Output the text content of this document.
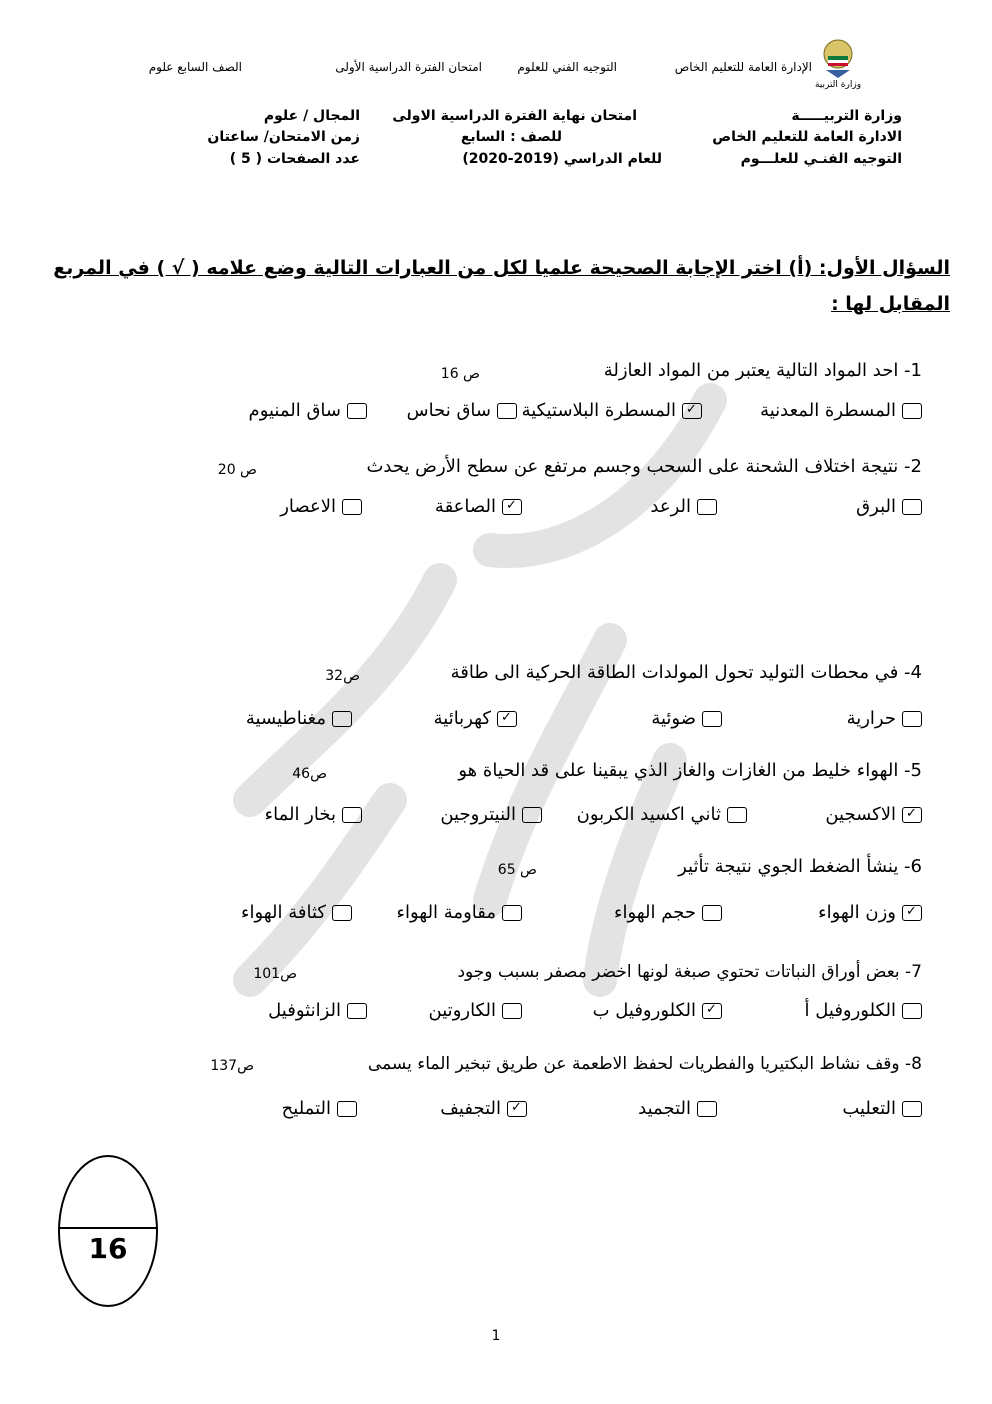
الإدارة العامة للتعليم الخاص
التوجيه الفني للعلوم
امتحان الفترة الدراسية الأولى
الصف السابع علوم
وزارة التربية
وزارة التربيـــــة
الادارة العامة للتعليم الخاص
التوجيه الفنـي للعلـــوم
امتحان نهاية الفترة الدراسية الاولى
للصف : السابع
للعام الدراسي (2019-2020)
المجال / علوم
زمن الامتحان/ ساعتان
عدد الصفحات ( 5 )
السؤال الأول: (أ) اختر الإجابة الصحيحة علميا لكل من العبارات التالية وضع علامه ( √ ) في المربع المقابل لها :
1- احد المواد التالية يعتبر من المواد العازلة
ص 16
المسطرة المعدنية
✓
المسطرة البلاستيكية
ساق نحاس
ساق المنيوم
2- نتيجة اختلاف الشحنة على السحب وجسم مرتفع عن سطح الأرض يحدث
ص 20
البرق
الرعد
✓
الصاعقة
الاعصار
4- في محطات التوليد تحول المولدات الطاقة الحركية الى طاقة
ص32
حرارية
ضوئية
✓
كهربائية
مغناطيسية
5- الهواء خليط من الغازات والغاز الذي يبقينا على قد الحياة هو
ص46
✓
الاكسجين
ثاني اكسيد الكربون
النيتروجين
بخار الماء
6- ينشأ الضغط الجوي نتيجة تأثير
ص 65
✓
وزن الهواء
حجم الهواء
مقاومة الهواء
كثافة الهواء
7- بعض أوراق النباتات تحتوي صبغة لونها اخضر مصفر بسبب وجود
ص101
الكلوروفيل أ
✓
الكلوروفيل ب
الكاروتين
الزانثوفيل
8- وقف نشاط البكتيريا والفطريات لحفظ الاطعمة عن طريق تبخير الماء يسمى
ص137
التعليب
التجميد
✓
التجفيف
التمليح
16
1
